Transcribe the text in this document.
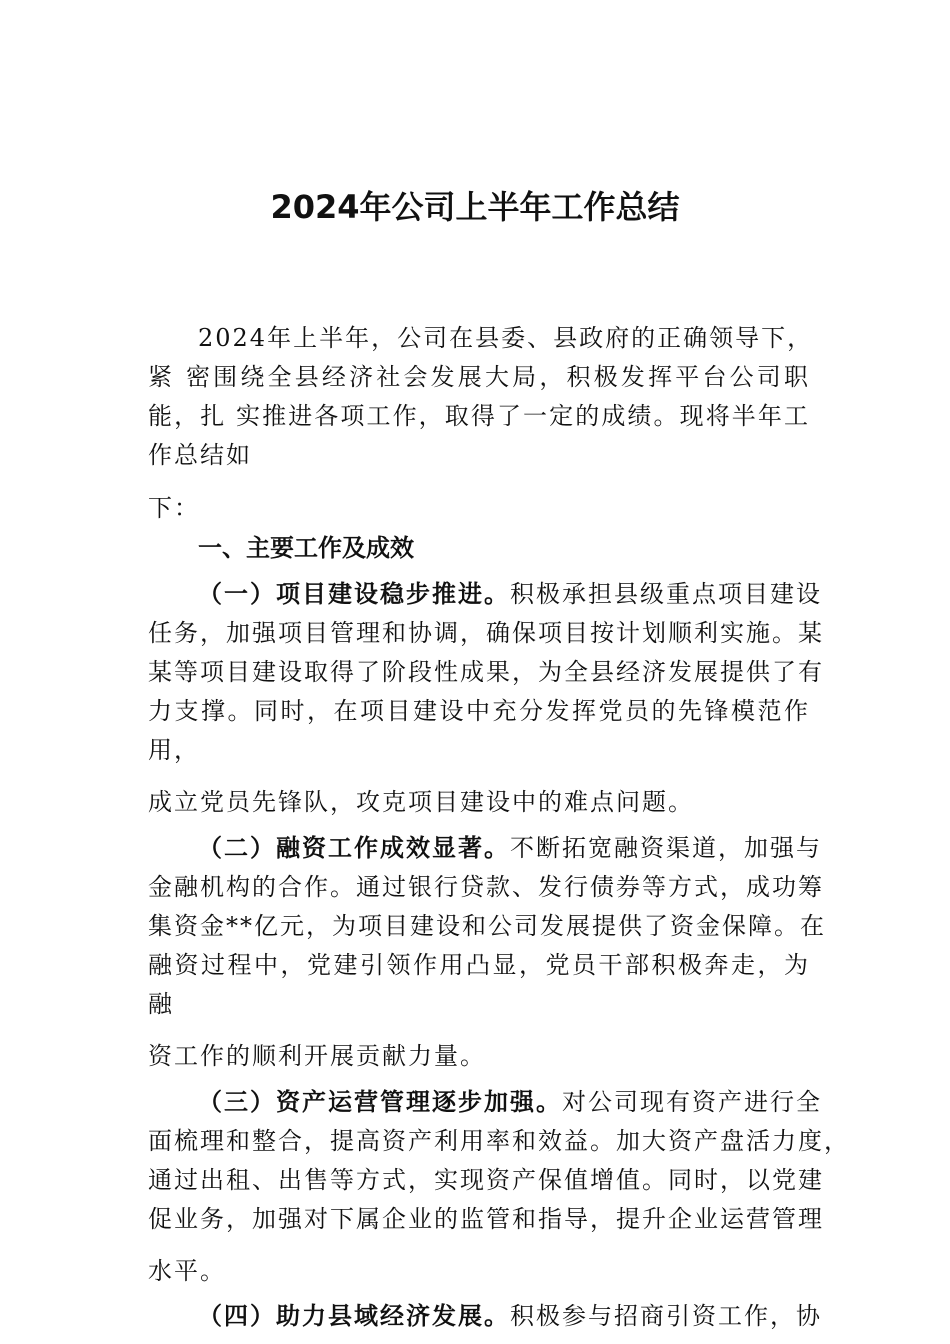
2024年公司上半年工作总结

2024年上半年，公司在县委、县政府的正确领导下，

紧 密围绕全县经济社会发展大局，积极发挥平台公司职

能，扎 实推进各项工作，取得了一定的成绩。现将半年工

作总结如

下：

一、主要工作及成效

（一）项目建设稳步推进。积极承担县级重点项目建设

任务，加强项目管理和协调，确保项目按计划顺利实施。某

某等项目建设取得了阶段性成果，为全县经济发展提供了有

力支撑。同时，在项目建设中充分发挥党员的先锋模范作

用，

成立党员先锋队，攻克项目建设中的难点问题。

（二）融资工作成效显著。不断拓宽融资渠道，加强与

金融机构的合作。通过银行贷款、发行债券等方式，成功筹

集资金**亿元，为项目建设和公司发展提供了资金保障。在

融资过程中，党建引领作用凸显，党员干部积极奔走，为

融

资工作的顺利开展贡献力量。

（三）资产运营管理逐步加强。对公司现有资产进行全

面梳理和整合，提高资产利用率和效益。加大资产盘活力度，

通过出租、出售等方式，实现资产保值增值。同时，以党建

促业务，加强对下属企业的监管和指导，提升企业运营管理

水平。

（四）助力县域经济发展。积极参与招商引资工作，协
